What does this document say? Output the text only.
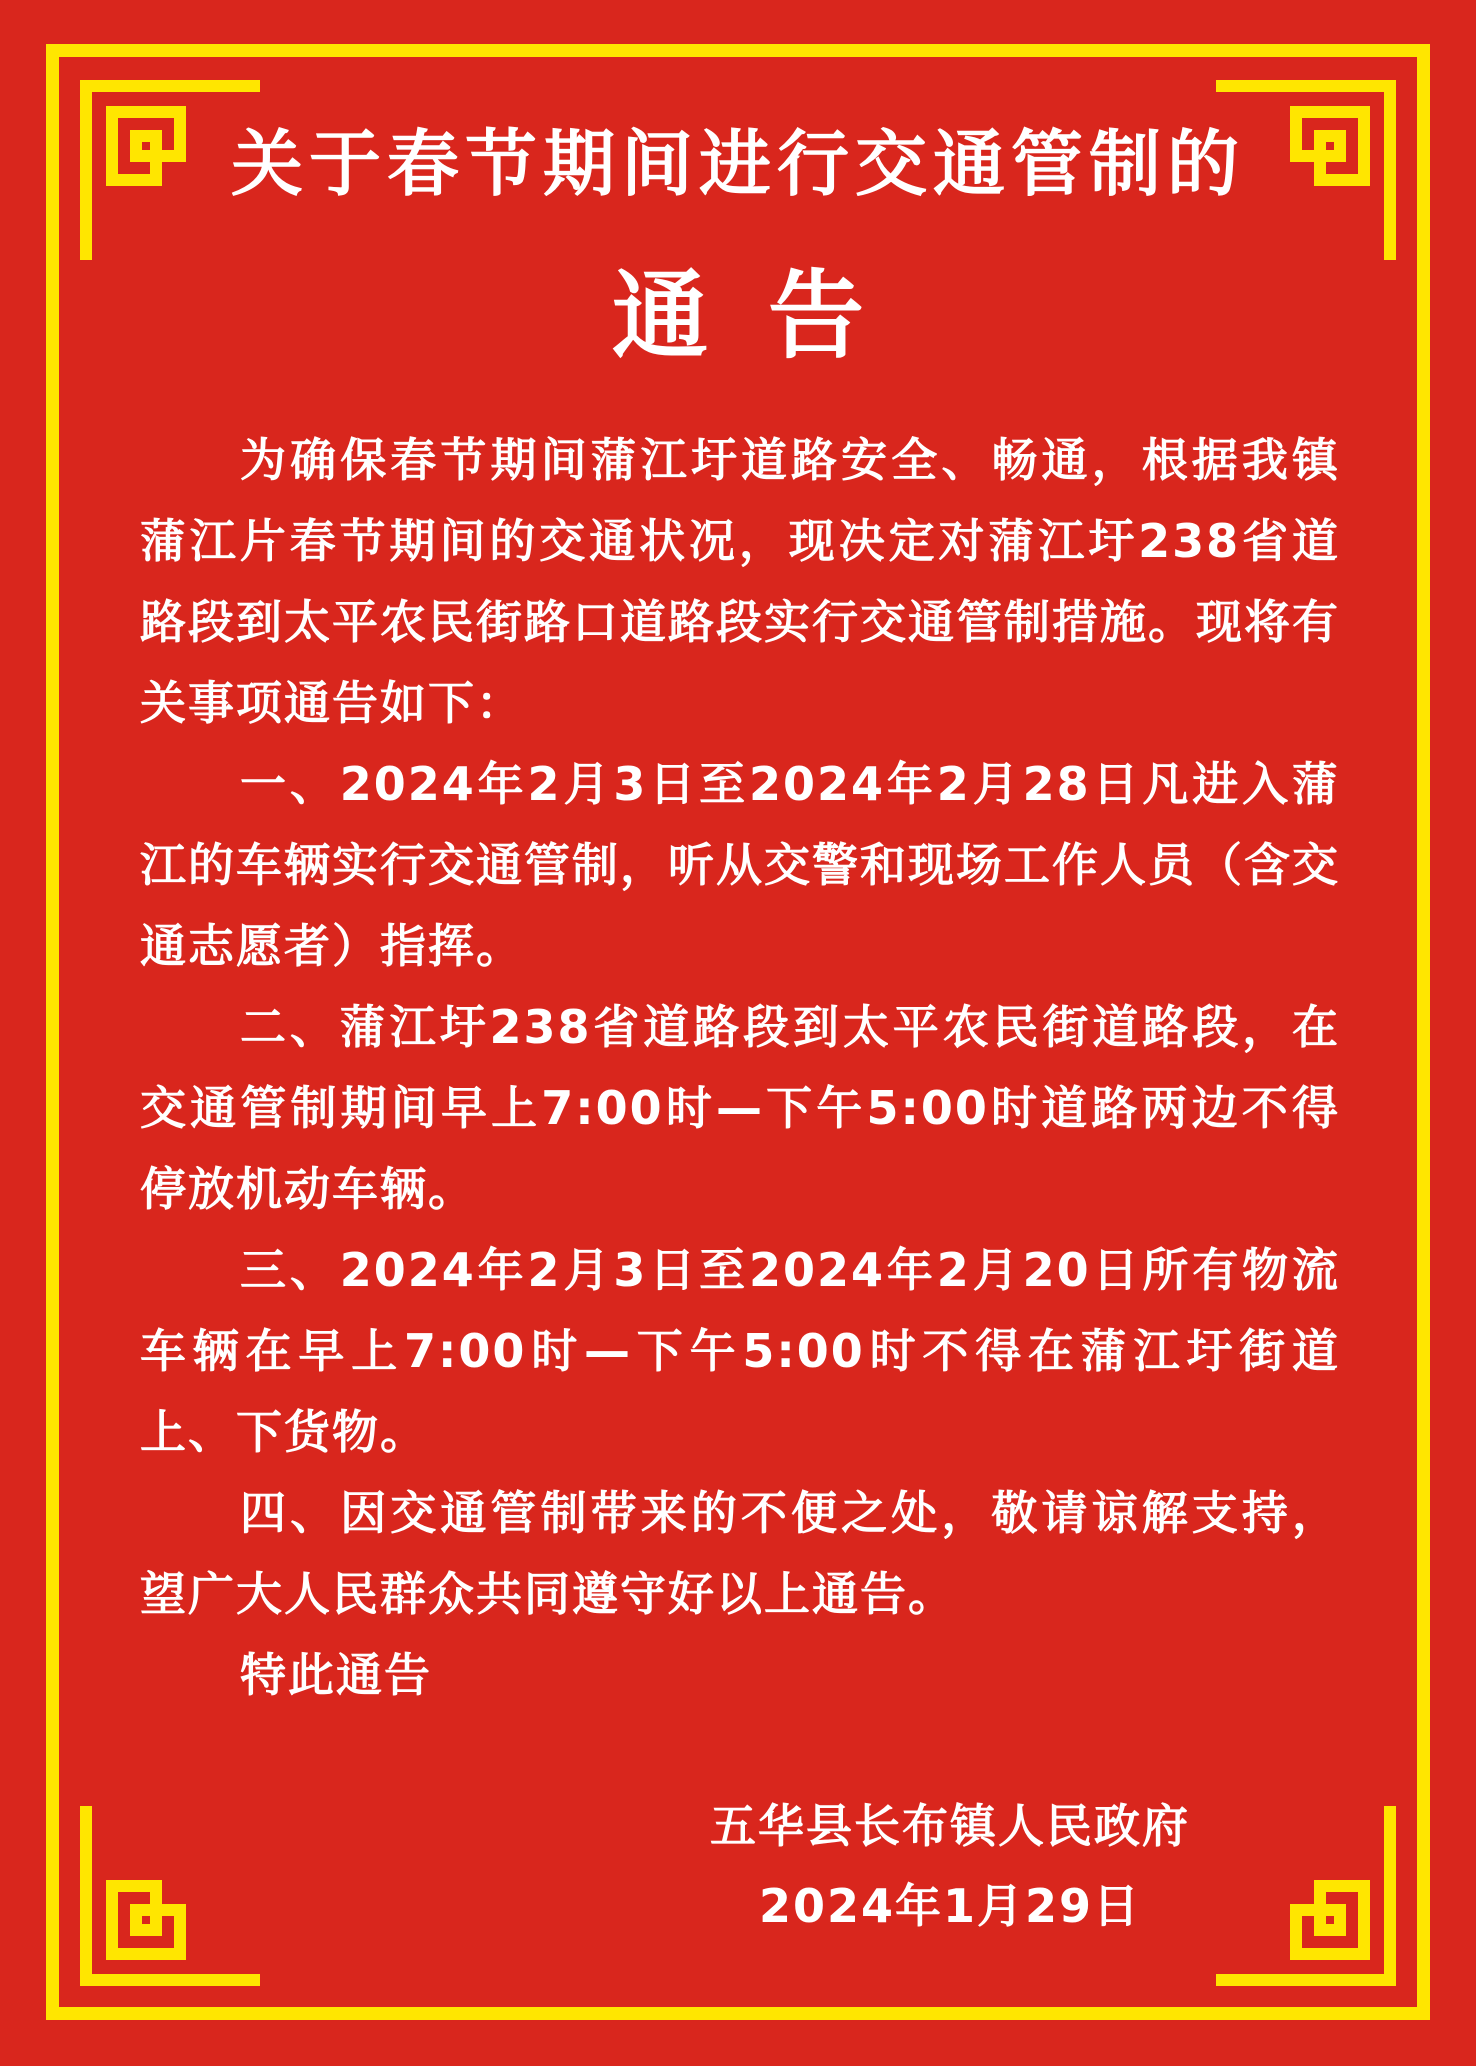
关于春节期间进行交通管制的
通告

为确保春节期间蒲江圩道路安全、畅通，根据我镇蒲江片春节期间的交通状况，现决定对蒲江圩238省道路段到太平农民街路口道路段实行交通管制措施。现将有关事项通告如下：

一、2024年2月3日至2024年2月28日凡进入蒲江的车辆实行交通管制，听从交警和现场工作人员（含交通志愿者）指挥。

二、蒲江圩238省道路段到太平农民街道路段，在交通管制期间早上7:00时—下午5:00时道路两边不得停放机动车辆。

三、2024年2月3日至2024年2月20日所有物流车辆在早上7:00时—下午5:00时不得在蒲江圩街道上、下货物。

四、因交通管制带来的不便之处，敬请谅解支持，望广大人民群众共同遵守好以上通告。

特此通告

五华县长布镇人民政府
2024年1月29日
